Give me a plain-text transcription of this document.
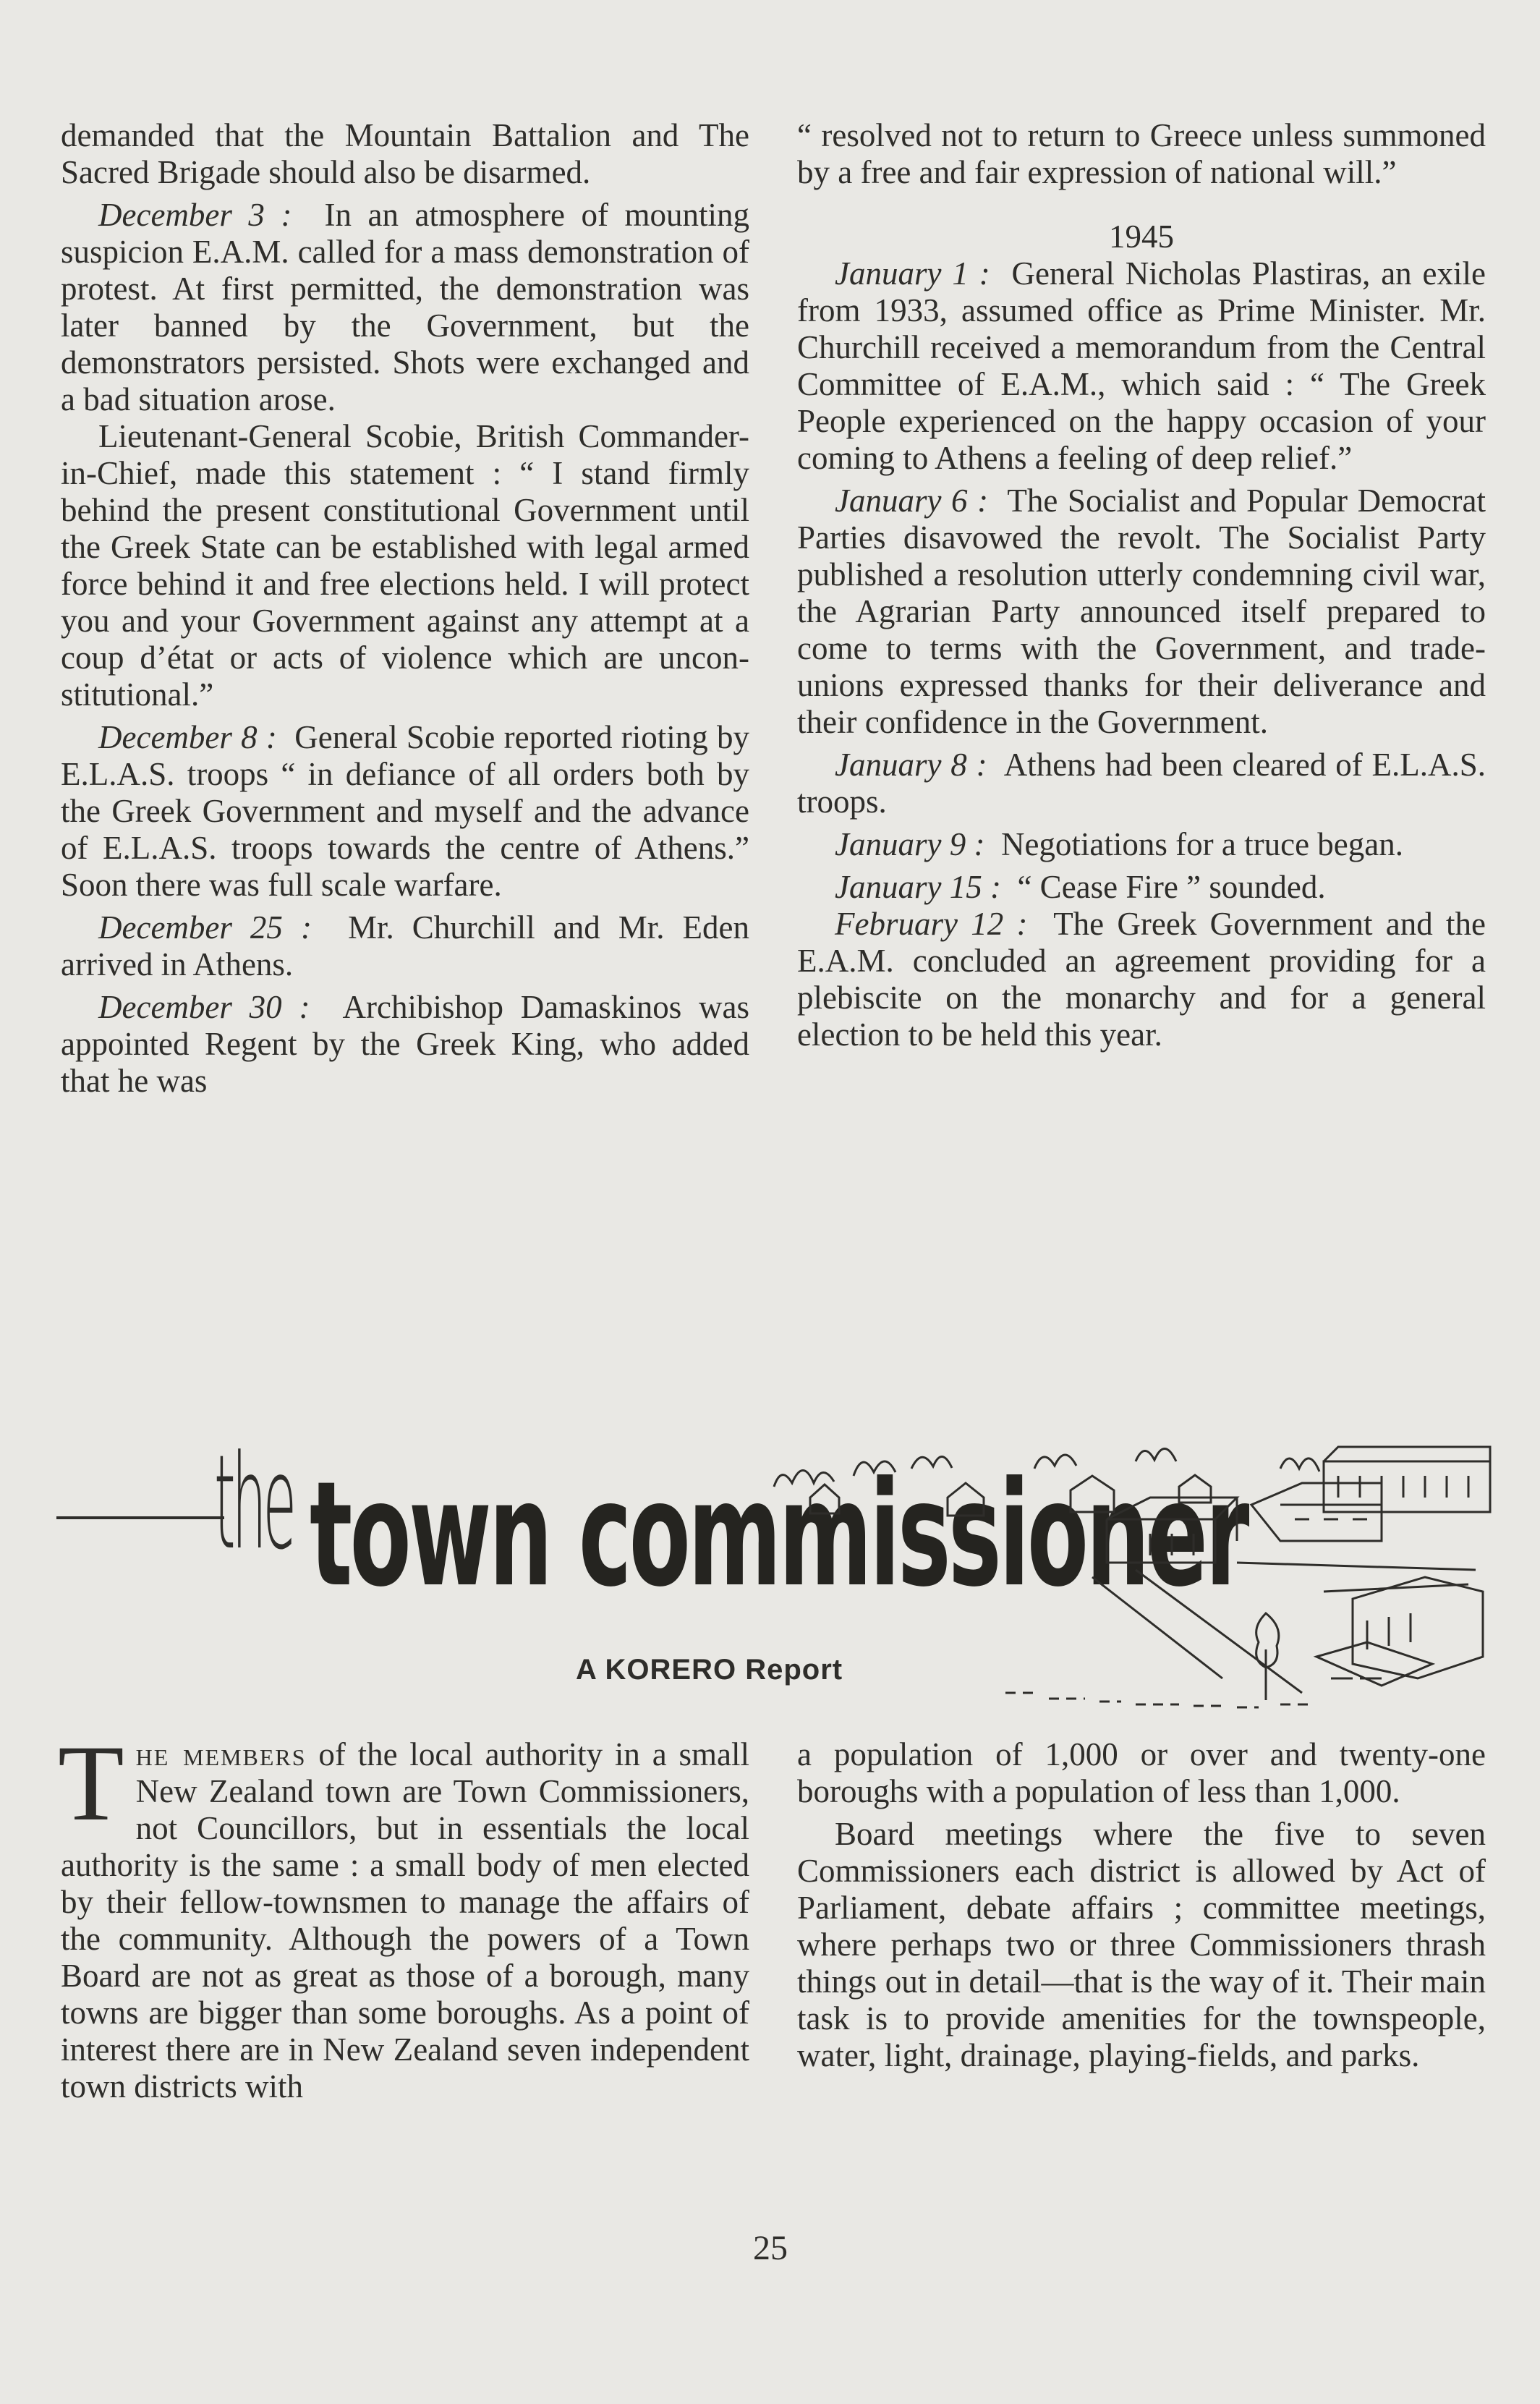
demanded that the Mountain Battalion and The Sacred Brigade should also be disarmed.

December 3 : In an atmosphere of mounting suspicion E.A.M. called for a mass demonstration of protest. At first permitted, the demonstration was later banned by the Government, but the demonstrators persisted. Shots were exchanged and a bad situation arose.

Lieutenant-General Scobie, British Commander-in-Chief, made this statement : “ I stand firmly behind the present constitutional Government until the Greek State can be established with legal armed force behind it and free elections held. I will protect you and your Government against any attempt at a coup d’état or acts of violence which are unconstitutional.”

December 8 : General Scobie reported rioting by E.L.A.S. troops “ in defiance of all orders both by the Greek Government and myself and the advance of E.L.A.S. troops towards the centre of Athens.” Soon there was full scale warfare.

December 25 : Mr. Churchill and Mr. Eden arrived in Athens.

December 30 : Archibishop Damaskinos was appointed Regent by the Greek King, who added that he was

“ resolved not to return to Greece unless summoned by a free and fair expression of national will.”

1945

January 1 : General Nicholas Plastiras, an exile from 1933, assumed office as Prime Minister. Mr. Churchill received a memorandum from the Central Committee of E.A.M., which said : “ The Greek People experienced on the happy occasion of your coming to Athens a feeling of deep relief.”

January 6 : The Socialist and Popular Democrat Parties disavowed the revolt. The Socialist Party published a resolution utterly condemning civil war, the Agrarian Party announced itself prepared to come to terms with the Government, and trade-unions expressed thanks for their deliverance and their confidence in the Government.

January 8 : Athens had been cleared of E.L.A.S. troops.

January 9 : Negotiations for a truce began.

January 15 : “ Cease Fire ” sounded.

February 12 : The Greek Government and the E.A.M. concluded an agreement providing for a plebiscite on the monarchy and for a general election to be held this year.

the town commissioner
A KORERO Report

The members of the local authority in a small New Zealand town are Town Commissioners, not Councillors, but in essentials the local authority is the same : a small body of men elected by their fellow-townsmen to manage the affairs of the community. Although the powers of a Town Board are not as great as those of a borough, many towns are bigger than some boroughs. As a point of interest there are in New Zealand seven independent town districts with

a population of 1,000 or over and twenty-one boroughs with a population of less than 1,000.

Board meetings where the five to seven Commissioners each district is allowed by Act of Parliament, debate affairs ; committee meetings, where perhaps two or three Commissioners thrash things out in detail—that is the way of it. Their main task is to provide amenities for the townspeople, water, light, drainage, playing-fields, and parks.

25
